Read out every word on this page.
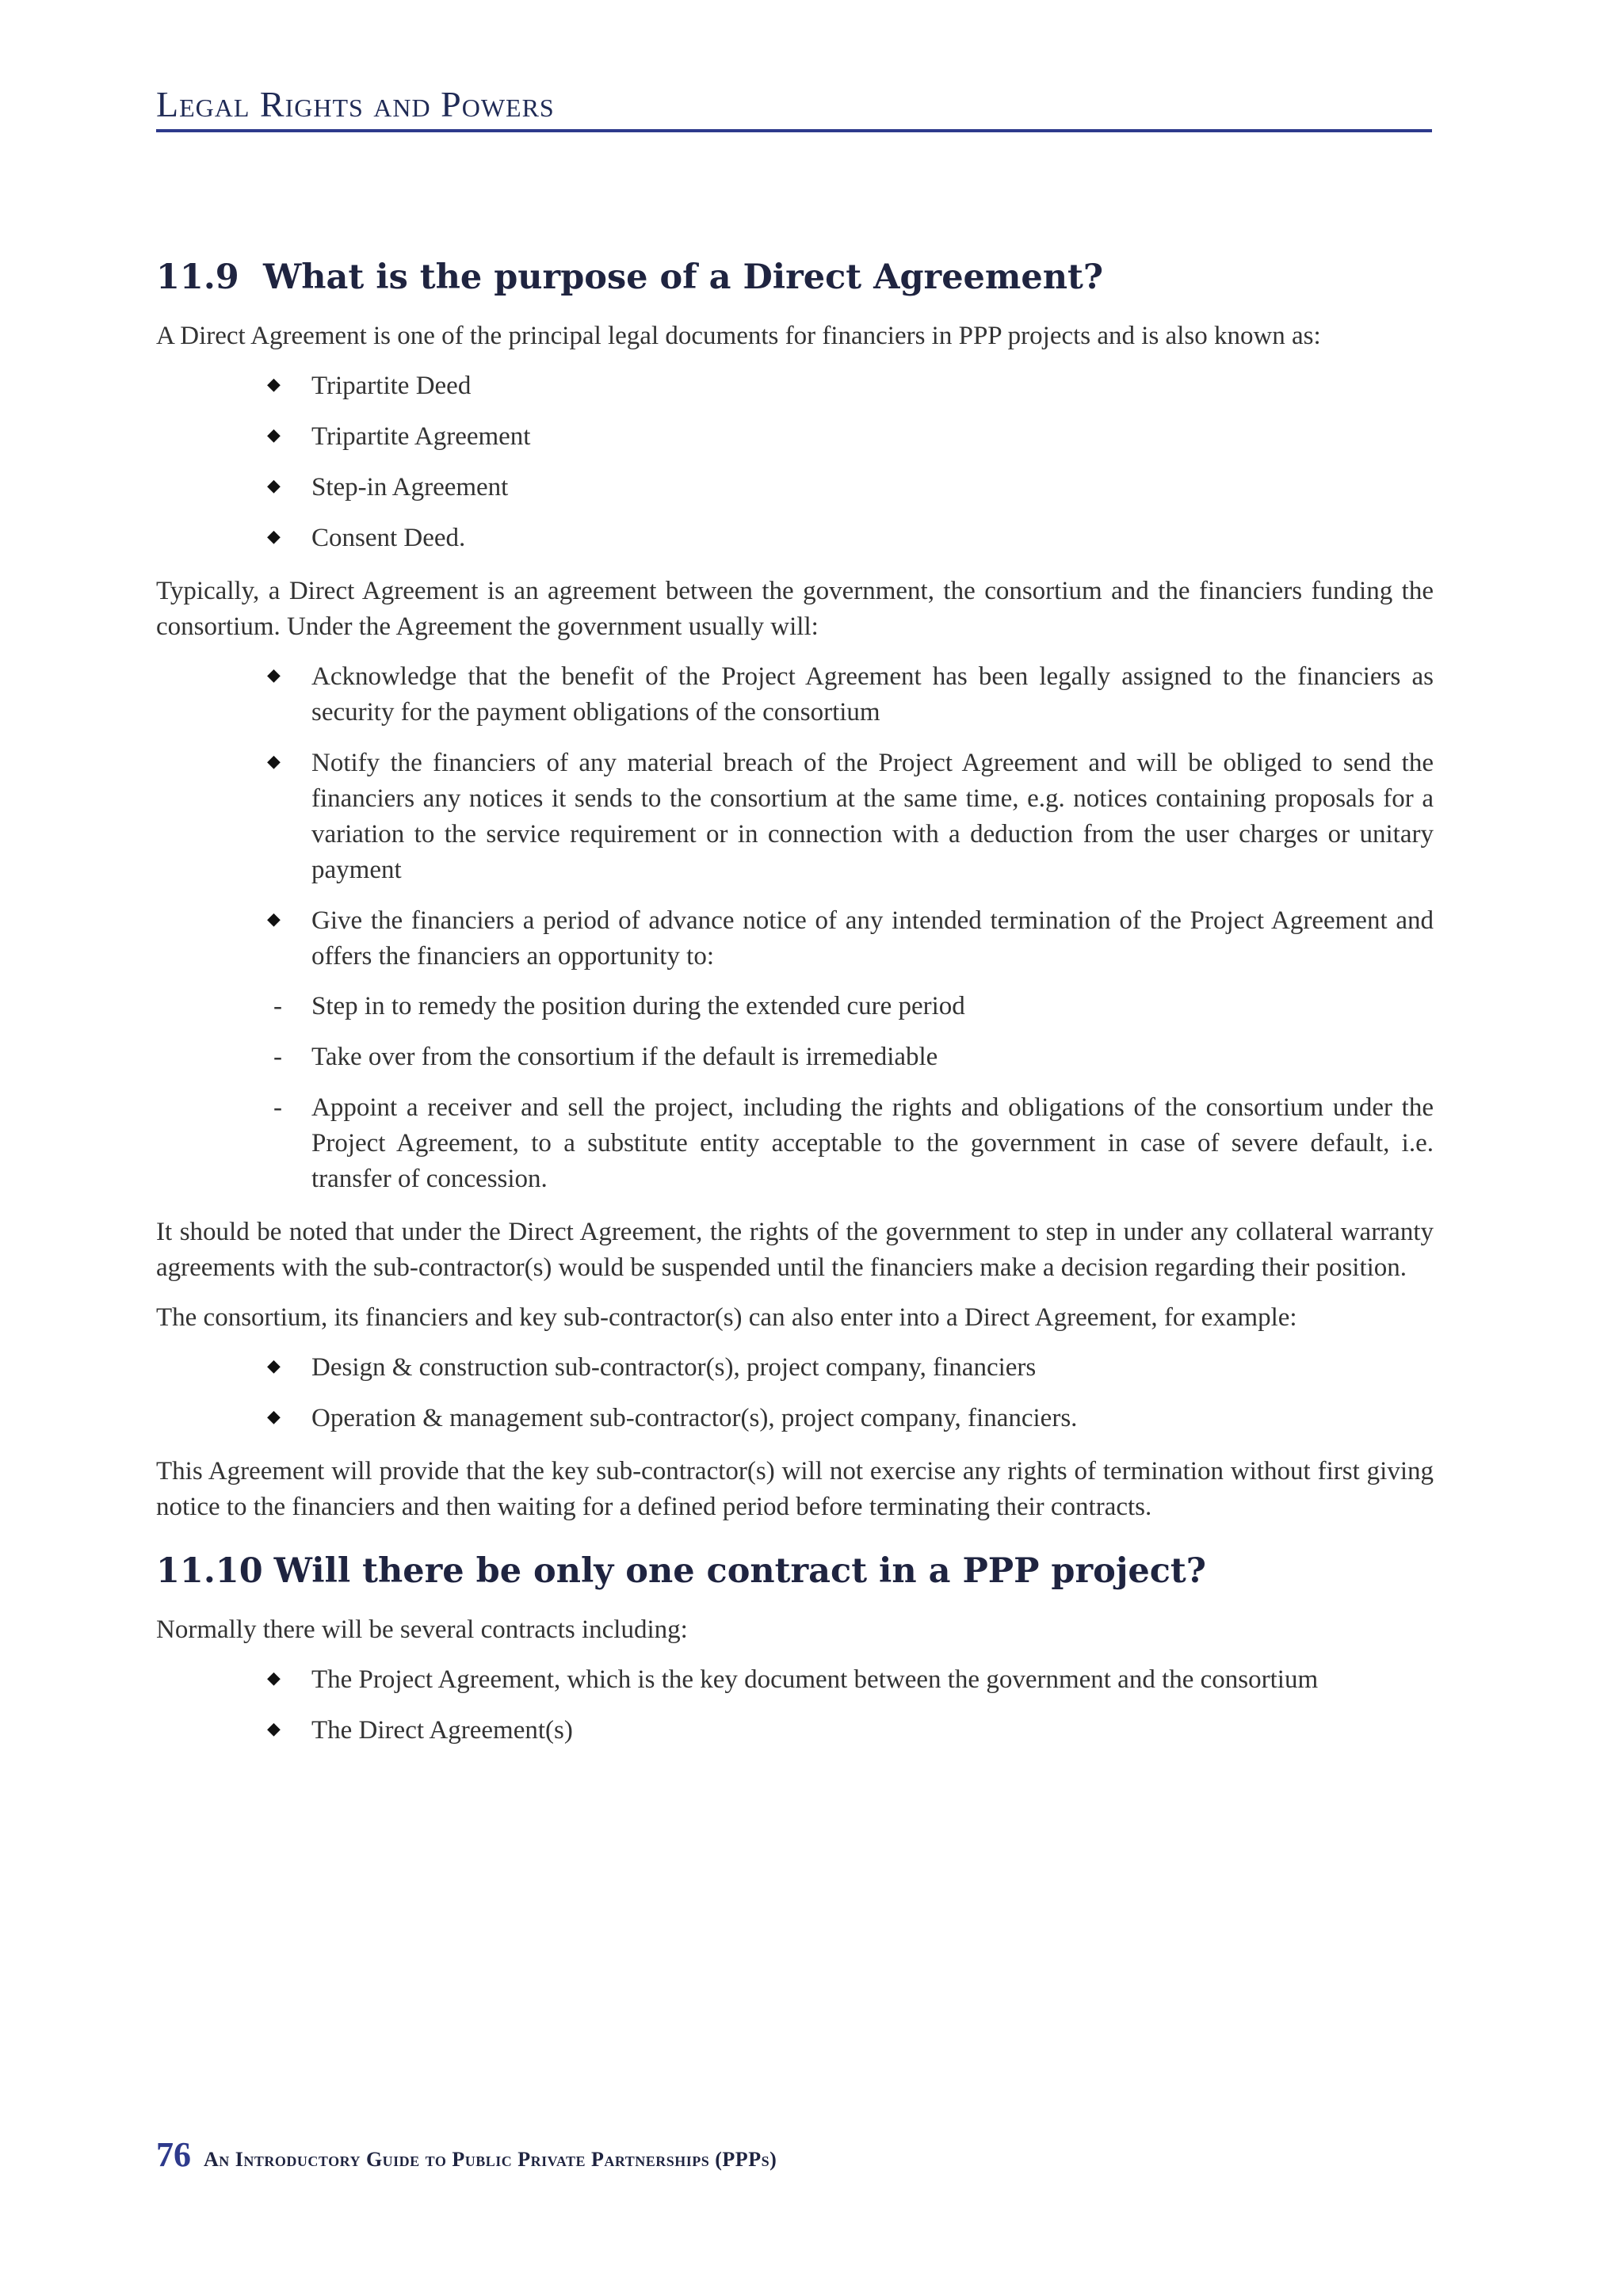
Legal Rights and Powers
11.9 What is the purpose of a Direct Agreement?

A Direct Agreement is one of the principal legal documents for financiers in PPP projects and is also known as:

◆ Tripartite Deed
◆ Tripartite Agreement
◆ Step-in Agreement
◆ Consent Deed.

Typically, a Direct Agreement is an agreement between the government, the consortium and the financiers funding the consortium. Under the Agreement the government usually will:

◆ Acknowledge that the benefit of the Project Agreement has been legally assigned to the financiers as security for the payment obligations of the consortium
◆ Notify the financiers of any material breach of the Project Agreement and will be obliged to send the financiers any notices it sends to the consortium at the same time, e.g. notices containing proposals for a variation to the service requirement or in connection with a deduction from the user charges or unitary payment
◆ Give the financiers a period of advance notice of any intended termination of the Project Agreement and offers the financiers an opportunity to:
- Step in to remedy the position during the extended cure period
- Take over from the consortium if the default is irremediable
- Appoint a receiver and sell the project, including the rights and obligations of the consortium under the Project Agreement, to a substitute entity acceptable to the government in case of severe default, i.e. transfer of concession.

It should be noted that under the Direct Agreement, the rights of the government to step in under any collateral warranty agreements with the sub-contractor(s) would be suspended until the financiers make a decision regarding their position.

The consortium, its financiers and key sub-contractor(s) can also enter into a Direct Agreement, for example:

◆ Design & construction sub-contractor(s), project company, financiers
◆ Operation & management sub-contractor(s), project company, financiers.

This Agreement will provide that the key sub-contractor(s) will not exercise any rights of termination without first giving notice to the financiers and then waiting for a defined period before terminating their contracts.

11.10 Will there be only one contract in a PPP project?

Normally there will be several contracts including:

◆ The Project Agreement, which is the key document between the government and the consortium
◆ The Direct Agreement(s)
76 An Introductory Guide to Public Private Partnerships (PPPs)
